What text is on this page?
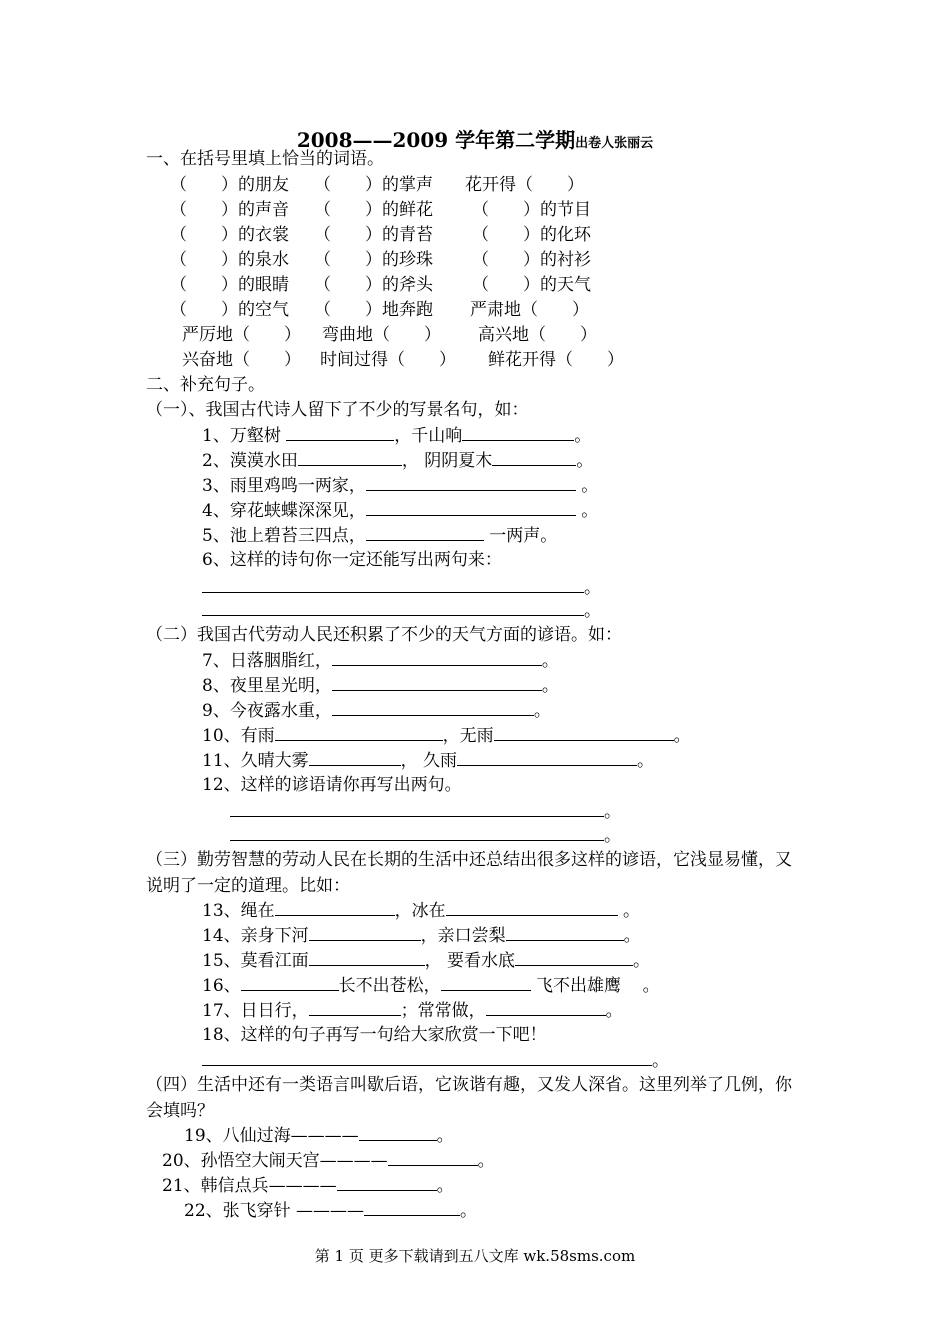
2008——2009 学年第二学期出卷人张丽云
一、在括号里填上恰当的词语。
（　　）的朋友 （　　）的掌声 花开得（　　）
（　　）的声音 （　　）的鲜花 （　　）的节目
（　　）的衣裳 （　　）的青苔 （　　）的化环
（　　）的泉水 （　　）的珍珠 （　　）的衬衫
（　　）的眼睛 （　　）的斧头 （　　）的天气
（　　）的空气 （　　）地奔跑 严肃地（　　）
严厉地（　　） 弯曲地（　　） 高兴地（　　）
兴奋地（　　） 时间过得（　　） 鲜花开得（　　）
二、补充句子。
（一）、我国古代诗人留下了不少的写景名句，如：
1、万壑树	，千山响	。
2、漠漠水田	， 阴阴夏木	。
3、雨里鸡鸣一两家，	。
4、穿花蛱蝶深深见，	。
5、池上碧苔三四点，	一两声。
6、这样的诗句你一定还能写出两句来：
。
。
（二）我国古代劳动人民还积累了不少的天气方面的谚语。如：
7、日落胭脂红，	。
8、夜里星光明，	。
9、今夜露水重，	。
10、有雨	，无雨	。
11、久晴大雾	， 久雨	。
12、这样的谚语请你再写出两句。
。
。
（三）勤劳智慧的劳动人民在长期的生活中还总结出很多这样的谚语，它浅显易懂，又说明了一定的道理。比如：
13、绳在	，冰在	。
14、亲身下河	，亲口尝梨	。
15、莫看江面	， 要看水底	。
16、	长不出苍松，	飞不出雄鹰 。
17、日日行，	；常常做，	。
18、这样的句子再写一句给大家欣赏一下吧！
。
（四）生活中还有一类语言叫歇后语，它诙谐有趣，又发人深省。这里列举了几例，你会填吗？
19、八仙过海————	。
20、孙悟空大闹天宫————	。
21、韩信点兵————	。
22、张飞穿针 ————	。
第 1 页 更多下载请到五八文库 wk.58sms.com
